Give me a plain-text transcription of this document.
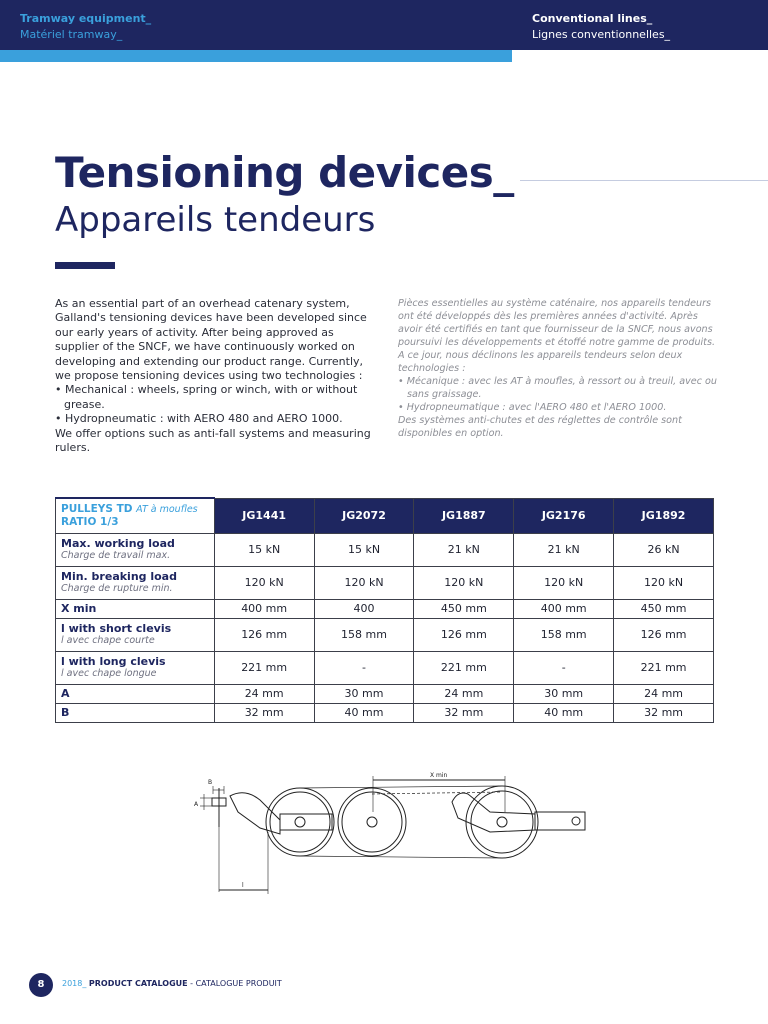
Tramway equipment_
Matériel tramway_
Conventional lines_
Lignes conventionnelles_
Tensioning devices_
Appareils tendeurs

As an essential part of an overhead catenary system, Galland's tensioning devices have been developed since our early years of activity. After being approved as supplier of the SNCF, we have continuously worked on developing and extending our product range. Currently, we propose tensioning devices using two technologies :

• Mechanical : wheels, spring or winch, with or without grease.

• Hydropneumatic : with AERO 480 and AERO 1000.

We offer options such as anti-fall systems and measuring rulers.

Pièces essentielles au système caténaire, nos appareils tendeurs ont été développés dès les premières années d'activité. Après avoir été certifiés en tant que fournisseur de la SNCF, nous avons poursuivi les développements et étoffé notre gamme de produits. A ce jour, nous déclinons les appareils tendeurs selon deux technologies :

• Mécanique : avec les AT à moufles, à ressort ou à treuil, avec ou sans graissage.

• Hydropneumatique : avec l'AERO 480 et l'AERO 1000.

Des systèmes anti-chutes et des réglettes de contrôle sont disponibles en option.

PULLEYS TD AT à moufles
RATIO 1/3	JG1441	JG2072	JG1887	JG2176	JG1892

Max. working load
Charge de travail max.	15 kN	15 kN	21 kN	21 kN	26 kN

Min. breaking load
Charge de rupture min.	120 kN	120 kN	120 kN	120 kN	120 kN

X min	400 mm	400	450 mm	400 mm	450 mm

l with short clevis
l avec chape courte	126 mm	158 mm	126 mm	158 mm	126 mm

l with long clevis
l avec chape longue	221 mm	-	221 mm	-	221 mm

A	24 mm	30 mm	24 mm	30 mm	24 mm

B	32 mm	40 mm	32 mm	40 mm	32 mm
X min
B
A
l
8	2018_ PRODUCT CATALOGUE - CATALOGUE PRODUIT
